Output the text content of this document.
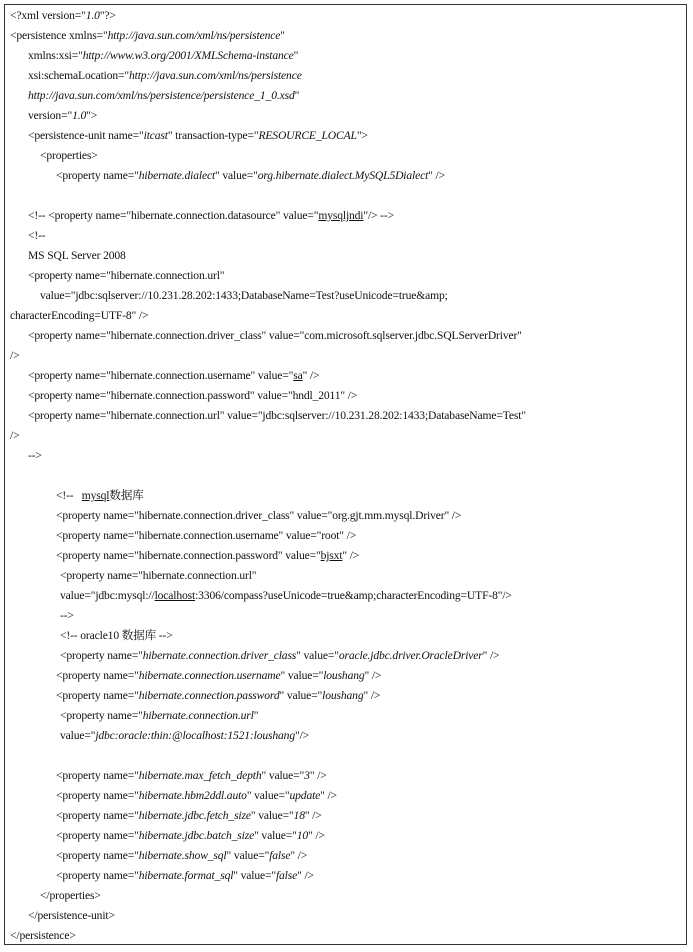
<?xml version="1.0"?>
<persistence xmlns="http://java.sun.com/xml/ns/persistence"
xmlns:xsi="http://www.w3.org/2001/XMLSchema-instance"
xsi:schemaLocation="http://java.sun.com/xml/ns/persistence
http://java.sun.com/xml/ns/persistence/persistence_1_0.xsd"
version="1.0">
<persistence-unit name="itcast" transaction-type="RESOURCE_LOCAL">
<properties>
<property name="hibernate.dialect" value="org.hibernate.dialect.MySQL5Dialect" />
<!-- <property name="hibernate.connection.datasource" value="mysqljndi"/> -->
<!--
MS SQL Server 2008
<property name="hibernate.connection.url"
value="jdbc:sqlserver://10.231.28.202:1433;DatabaseName=Test?useUnicode=true&amp;
characterEncoding=UTF-8" />
<property name="hibernate.connection.driver_class" value="com.microsoft.sqlserver.jdbc.SQLServerDriver"
/>
<property name="hibernate.connection.username" value="sa" />
<property name="hibernate.connection.password" value="hndl_2011" />
<property name="hibernate.connection.url" value="jdbc:sqlserver://10.231.28.202:1433;DatabaseName=Test"
/>
-->
<!--   mysql数据库
<property name="hibernate.connection.driver_class" value="org.gjt.mm.mysql.Driver" />
<property name="hibernate.connection.username" value="root" />
<property name="hibernate.connection.password" value="bjsxt" />
<property name="hibernate.connection.url"
value="jdbc:mysql://localhost:3306/compass?useUnicode=true&amp;characterEncoding=UTF-8"/>
-->
<!-- oracle10 数据库 -->
<property name="hibernate.connection.driver_class" value="oracle.jdbc.driver.OracleDriver" />
<property name="hibernate.connection.username" value="loushang" />
<property name="hibernate.connection.password" value="loushang" />
<property name="hibernate.connection.url"
value="jdbc:oracle:thin:@localhost:1521:loushang"/>
<property name="hibernate.max_fetch_depth" value="3" />
<property name="hibernate.hbm2ddl.auto" value="update" />
<property name="hibernate.jdbc.fetch_size" value="18" />
<property name="hibernate.jdbc.batch_size" value="10" />
<property name="hibernate.show_sql" value="false" />
<property name="hibernate.format_sql" value="false" />
</properties>
</persistence-unit>
</persistence>
